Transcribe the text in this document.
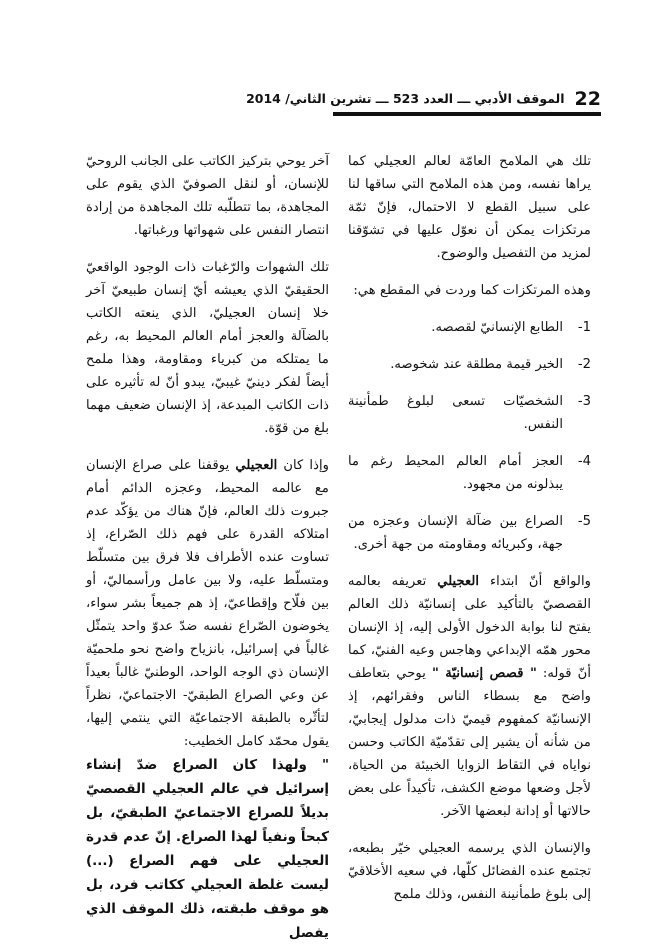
22
الموقف الأدبي ـــ العدد 523 ـــ تشرين الثاني/ 2014

تلك هي الملامح العامّة لعالم العجيلي كما يراها نفسه، ومن هذه الملامح التي ساقها لنا على سبيل القطع لا الاحتمال، فإنّ ثمّة مرتكزات يمكن أن نعوّل عليها في تشوّقنا لمزيد من التفصيل والوضوح.

وهذه المرتكزات كما وردت في المقطع هي:

1-
الطابع الإنسانيّ لقصصه.
2-
الخير قيمة مطلقة عند شخوصه.
3-
الشخصيّات تسعى لبلوغ طمأنينة النفس.
4-
العجز أمام العالم المحيط رغم ما يبذلونه من مجهود.
5-
الصراع بين ضآلة الإنسان وعجزه من جهة، وكبريائه ومقاومته من جهة أخرى.

والواقع أنّ ابتداء العجيلي تعريفه بعالمه القصصيّ بالتأكيد على إنسانيّة ذلك العالم يفتح لنا بوابة الدخول الأولى إليه، إذ الإنسان محور همّه الإبداعي وهاجس وعيه الفنيّ، كما أنّ قوله: " قصص إنسانيّة " يوحي بتعاطف واضح مع بسطاء الناس وفقرائهم، إذ الإنسانيّة كمفهوم قيميّ ذات مدلول إيجابيّ، من شأنه أن يشير إلى تقدّميّة الكاتب وحسن نواياه في التقاط الزوايا الخبيئة من الحياة، لأجل وضعها موضع الكشف، تأكيداً على بعض حالاتها أو إدانة لبعضها الآخر.

والإنسان الذي يرسمه العجيلي خيّر بطبعه، تجتمع عنده الفضائل كلّها، في سعيه الأخلاقيّ إلى بلوغ طمأنينة النفس، وذلك ملمح

آخر يوحي بتركيز الكاتب على الجانب الروحيّ للإنسان، أو لنقل الصوفيّ الذي يقوم على المجاهدة، بما تتطلّبه تلك المجاهدة من إرادة انتصار النفس على شهواتها ورغباتها.

تلك الشهوات والرّغبات ذات الوجود الواقعيّ الحقيقيّ الذي يعيشه أيّ إنسان طبيعيّ آخر خلا إنسان العجيليّ، الذي ينعته الكاتب بالضآلة والعجز أمام العالم المحيط به، رغم ما يمتلكه من كبرياء ومقاومة، وهذا ملمح أيضاً لفكر دينيّ غيبيّ، يبدو أنّ له تأثيره على ذات الكاتب المبدعة، إذ الإنسان ضعيف مهما بلغ من قوّة.

وإذا كان العجيلي يوقفنا على صراع الإنسان مع عالمه المحيط، وعجزه الدائم أمام جبروت ذلك العالم، فإنّ هناك من يؤكّد عدم امتلاكه القدرة على فهم ذلك الصّراع، إذ تساوت عنده الأطراف فلا فرق بين متسلّط ومتسلّط عليه، ولا بين عامل ورأسماليّ، أو بين فلّاح وإقطاعيّ، إذ هم جميعاً بشر سواء، يخوضون الصّراع نفسه ضدّ عدوّ واحد يتمثّل غالباً في إسرائيل، بانزياح واضح نحو ملحميّة الإنسان ذي الوجه الواحد، الوطنيّ غالباً بعيداً عن وعي الصراع الطبقيّ- الاجتماعيّ، نظراً لتأثّره بالطبقة الاجتماعيّة التي ينتمي إليها، يقول محمّد كامل الخطيب:

" ولهذا كان الصراع ضدّ إنشاء إسرائيل في عالم العجيلي القصصيّ بديلاً للصراع الاجتماعيّ الطبقيّ، بل كبحاً ونفياً لهذا الصراع. إنّ عدم قدرة العجيلي على فهم الصراع (...) ليست غلطة العجيلي ككاتب فرد، بل هو موقف طبقته، ذلك الموقف الذي يفصل
